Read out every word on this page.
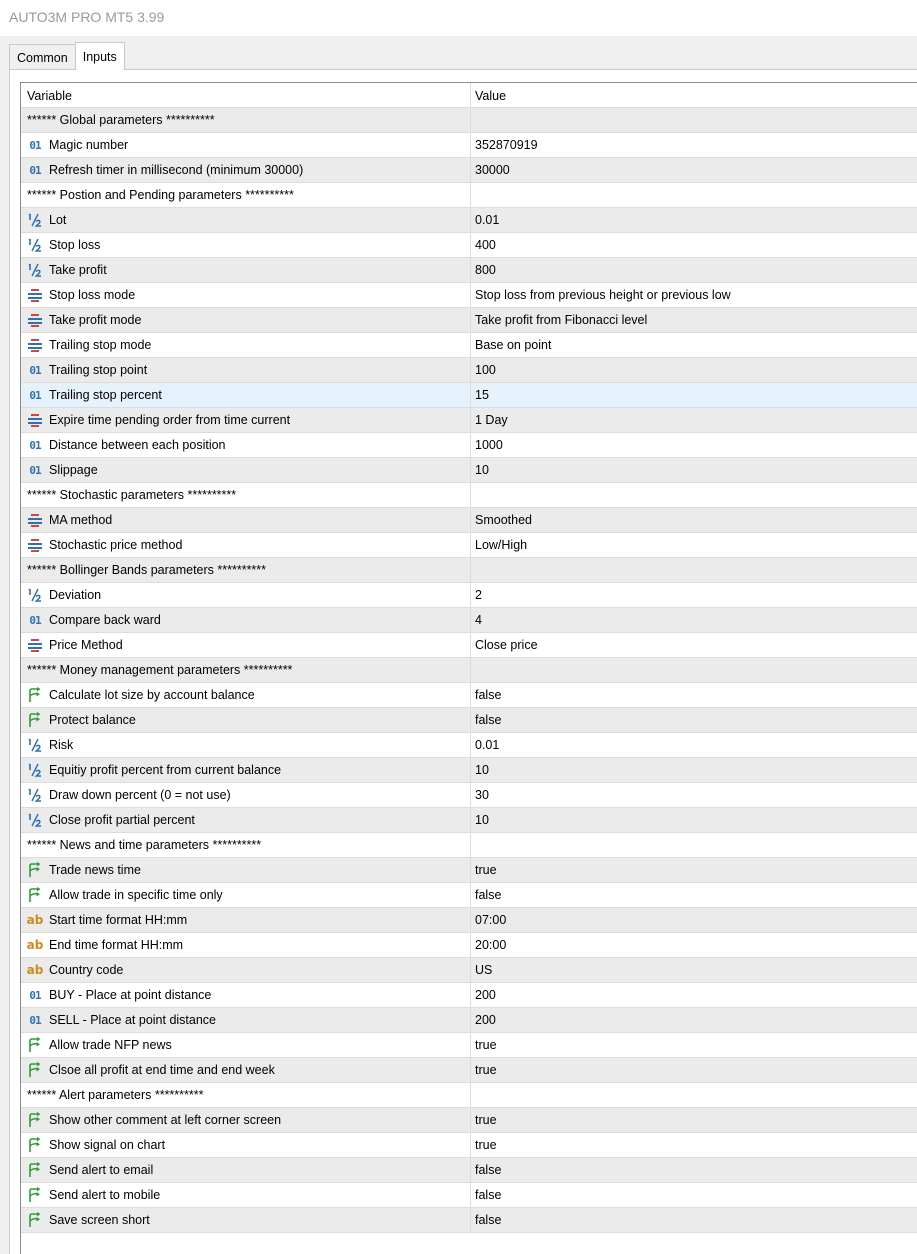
AUTO3M PRO MT5 3.99
Common	Inputs
Variable	Value
****** Global parameters **********
01 Magic number	352870919
01 Refresh timer in millisecond (minimum 30000)	30000
****** Postion and Pending parameters **********
Lot	0.01
Stop loss	400
Take profit	800
Stop loss mode	Stop loss from previous height or previous low
Take profit mode	Take profit from Fibonacci level
Trailing stop mode	Base on point
01 Trailing stop point	100
01 Trailing stop percent	15
Expire time pending order from time current	1 Day
01 Distance between each position	1000
01 Slippage	10
****** Stochastic parameters **********
MA method	Smoothed
Stochastic price method	Low/High
****** Bollinger Bands parameters **********
Deviation	2
01 Compare back ward	4
Price Method	Close price
****** Money management parameters **********
Calculate lot size by account balance	false
Protect balance	false
Risk	0.01
Equitiy profit percent from current balance	10
Draw down percent (0 = not use)	30
Close profit partial percent	10
****** News and time parameters **********
Trade news time	true
Allow trade in specific time only	false
ab Start time format HH:mm	07:00
ab End time format HH:mm	20:00
ab Country code	US
01 BUY - Place at point distance	200
01 SELL - Place at point distance	200
Allow trade NFP news	true
Clsoe all profit at end time and end week	true
****** Alert parameters **********
Show other comment at left corner screen	true
Show signal on chart	true
Send alert to email	false
Send alert to mobile	false
Save screen short	false
